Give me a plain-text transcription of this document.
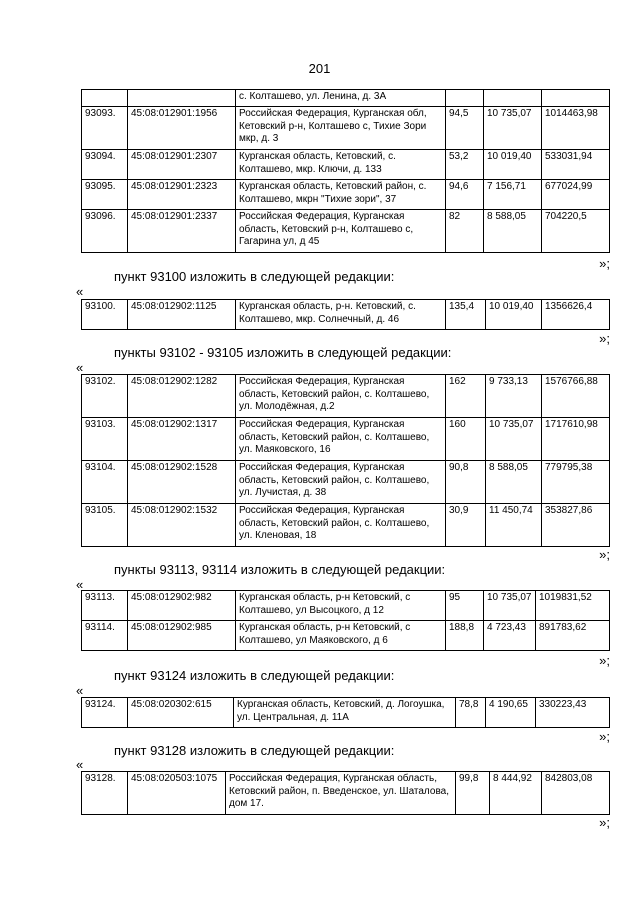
201
		с. Колташево, ул. Ленина, д. 3А			
93093.	45:08:012901:1956	Российская Федерация, Курганская обл, Кетовский р-н, Колташево с, Тихие Зори мкр, д. 3	94,5	10 735,07	1014463,98
93094.	45:08:012901:2307	Курганская область, Кетовский, с. Колташево, мкр. Ключи, д. 133	53,2	10 019,40	533031,94
93095.	45:08:012901:2323	Курганская область, Кетовский район, с. Колташево, мкрн "Тихие зори", 37	94,6	7 156,71	677024,99
93096.	45:08:012901:2337	Российская Федерация, Курганская область, Кетовский р-н, Колташево с, Гагарина ул, д 45	82	8 588,05	704220,5
»;
пункт 93100 изложить в следующей редакции:
«
93100.	45:08:012902:1125	Курганская область, р-н. Кетовский, с. Колташево, мкр. Солнечный, д. 46	135,4	10 019,40	1356626,4
»;
пункты 93102 - 93105 изложить в следующей редакции:
«
93102.	45:08:012902:1282	Российская Федерация, Курганская область, Кетовский район, с. Колташево, ул. Молодёжная, д.2	162	9 733,13	1576766,88
93103.	45:08:012902:1317	Российская Федерация, Курганская область, Кетовский район, с. Колташево, ул. Маяковского, 16	160	10 735,07	1717610,98
93104.	45:08:012902:1528	Российская Федерация, Курганская область, Кетовский район, с. Колташево, ул. Лучистая, д. 38	90,8	8 588,05	779795,38
93105.	45:08:012902:1532	Российская Федерация, Курганская область, Кетовский район, с. Колташево, ул. Кленовая, 18	30,9	11 450,74	353827,86
»;
пункты 93113, 93114 изложить в следующей редакции:
«
93113.	45:08:012902:982	Курганская область, р-н Кетовский, с Колташево, ул Высоцкого, д 12	95	10 735,07	1019831,52
93114.	45:08:012902:985	Курганская область, р-н Кетовский, с Колташево, ул Маяковского, д 6	188,8	4 723,43	891783,62
»;
пункт 93124 изложить в следующей редакции:
«
93124.	45:08:020302:615	Курганская область, Кетовский, д. Логоушка, ул. Центральная, д. 11А	78,8	4 190,65	330223,43
»;
пункт 93128 изложить в следующей редакции:
«
93128.	45:08:020503:1075	Российская Федерация, Курганская область, Кетовский район, п. Введенское, ул. Шаталова, дом 17.	99,8	8 444,92	842803,08
»;
